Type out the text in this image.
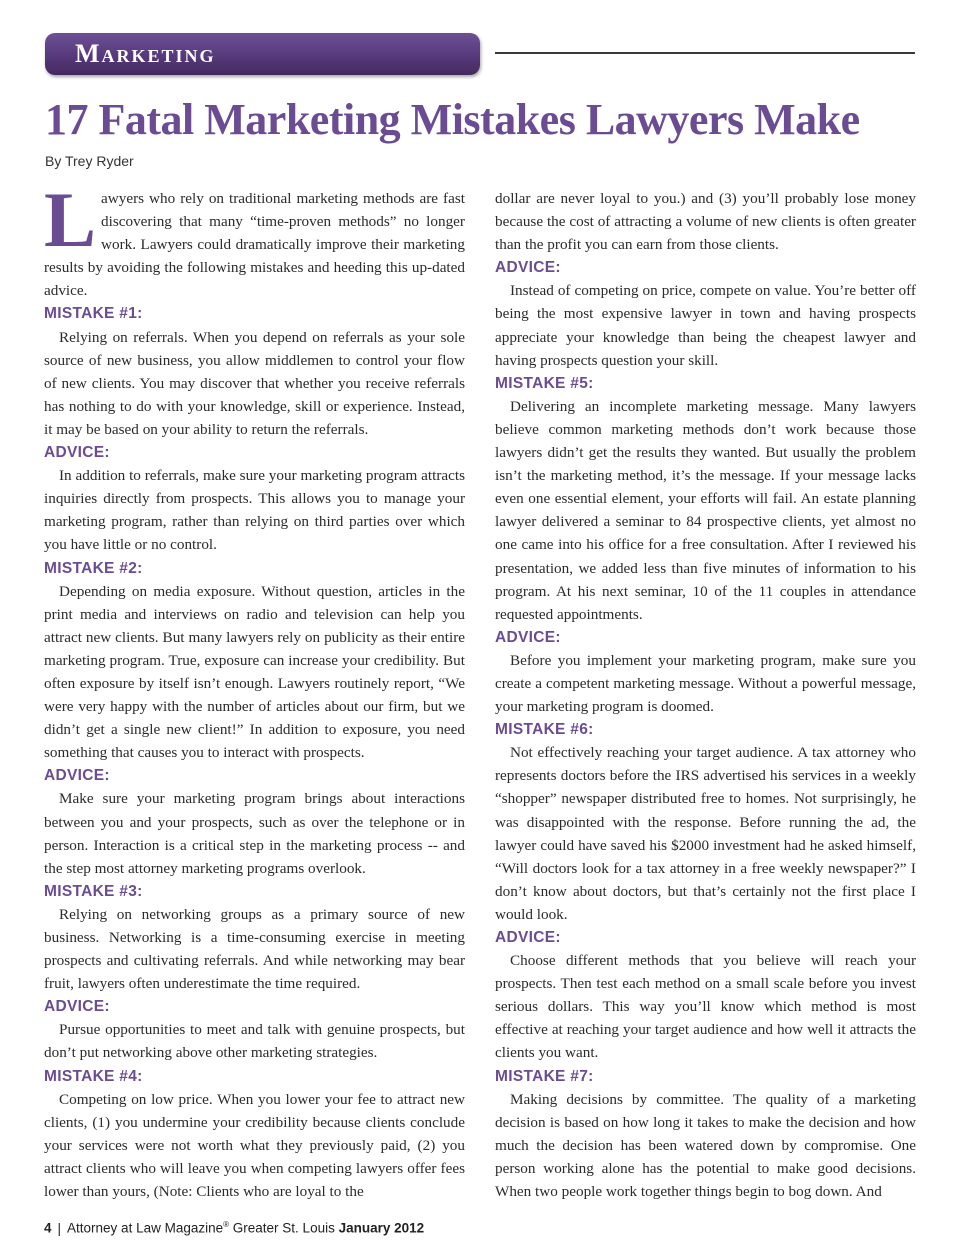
Marketing
17 Fatal Marketing Mistakes Lawyers Make
By Trey Ryder

Lawyers who rely on traditional marketing methods are fast discovering that many “time-proven methods” no longer work. Lawyers could dramatically improve their marketing results by avoiding the following mistakes and heeding this up-dated advice.

MISTAKE #1:

Relying on referrals. When you depend on referrals as your sole source of new business, you allow middlemen to control your flow of new clients. You may discover that whether you receive referrals has nothing to do with your knowledge, skill or experience. Instead, it may be based on your ability to return the referrals.

ADVICE:

In addition to referrals, make sure your marketing program attracts inquiries directly from prospects. This allows you to manage your marketing program, rather than relying on third parties over which you have little or no control.

MISTAKE #2:

Depending on media exposure. Without question, articles in the print media and interviews on radio and television can help you attract new clients. But many lawyers rely on publicity as their entire marketing program. True, exposure can increase your credibility. But often exposure by itself isn’t enough. Lawyers routinely report, “We were very happy with the number of articles about our firm, but we didn’t get a single new client!” In addition to exposure, you need something that causes you to interact with prospects.

ADVICE:

Make sure your marketing program brings about interactions between you and your prospects, such as over the telephone or in person. Interaction is a critical step in the marketing process -- and the step most attorney marketing programs overlook.

MISTAKE #3:

Relying on networking groups as a primary source of new business. Networking is a time-consuming exercise in meeting prospects and cultivating referrals. And while networking may bear fruit, lawyers often underestimate the time required.

ADVICE:

Pursue opportunities to meet and talk with genuine prospects, but don’t put networking above other marketing strategies.

MISTAKE #4:

Competing on low price. When you lower your fee to attract new clients, (1) you undermine your credibility because clients conclude your services were not worth what they previously paid, (2) you attract clients who will leave you when competing lawyers offer fees lower than yours, (Note: Clients who are loyal to the

dollar are never loyal to you.) and (3) you’ll probably lose money because the cost of attracting a volume of new clients is often greater than the profit you can earn from those clients.

ADVICE:

Instead of competing on price, compete on value. You’re better off being the most expensive lawyer in town and having prospects appreciate your knowledge than being the cheapest lawyer and having prospects question your skill.

MISTAKE #5:

Delivering an incomplete marketing message. Many lawyers believe common marketing methods don’t work because those lawyers didn’t get the results they wanted. But usually the problem isn’t the marketing method, it’s the message. If your message lacks even one essential element, your efforts will fail. An estate planning lawyer delivered a seminar to 84 prospective clients, yet almost no one came into his office for a free consultation. After I reviewed his presentation, we added less than five minutes of information to his program. At his next seminar, 10 of the 11 couples in attendance requested appointments.

ADVICE:

Before you implement your marketing program, make sure you create a competent marketing message. Without a powerful message, your marketing program is doomed.

MISTAKE #6:

Not effectively reaching your target audience. A tax attorney who represents doctors before the IRS advertised his services in a weekly “shopper” newspaper distributed free to homes. Not surprisingly, he was disappointed with the response. Before running the ad, the lawyer could have saved his $2000 investment had he asked himself, “Will doctors look for a tax attorney in a free weekly newspaper?” I don’t know about doctors, but that’s certainly not the first place I would look.

ADVICE:

Choose different methods that you believe will reach your prospects. Then test each method on a small scale before you invest serious dollars. This way you’ll know which method is most effective at reaching your target audience and how well it attracts the clients you want.

MISTAKE #7:

Making decisions by committee. The quality of a marketing decision is based on how long it takes to make the decision and how much the decision has been watered down by compromise. One person working alone has the potential to make good decisions. When two people work together things begin to bog down. And

4 | Attorney at Law Magazine® Greater St. Louis January 2012
